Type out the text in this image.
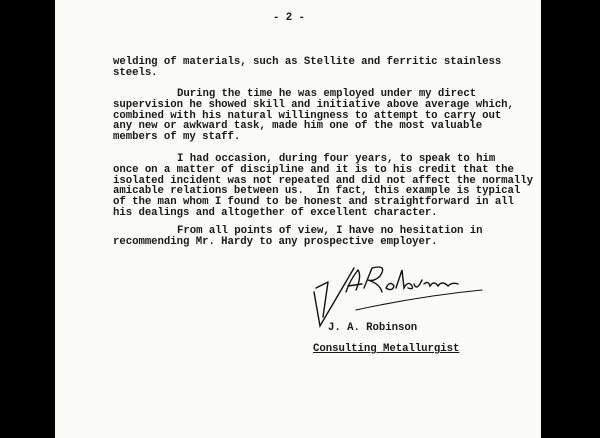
- 2 -
welding of materials, such as Stellite and ferritic stainless
steels.
During the time he was employed under my direct
supervision he showed skill and initiative above average which,
combined with his natural willingness to attempt to carry out
any new or awkward task, made him one of the most valuable
members of my staff.
I had occasion, during four years, to speak to him
once on a matter of discipline and it is to his credit that the
isolated incident was not repeated and did not affect the normally
amicable relations between us.  In fact, this example is typical
of the man whom I found to be honest and straightforward in all
his dealings and altogether of excellent character.
From all points of view, I have no hesitation in
recommending Mr. Hardy to any prospective employer.
J. A. Robinson
Consulting Metallurgist
